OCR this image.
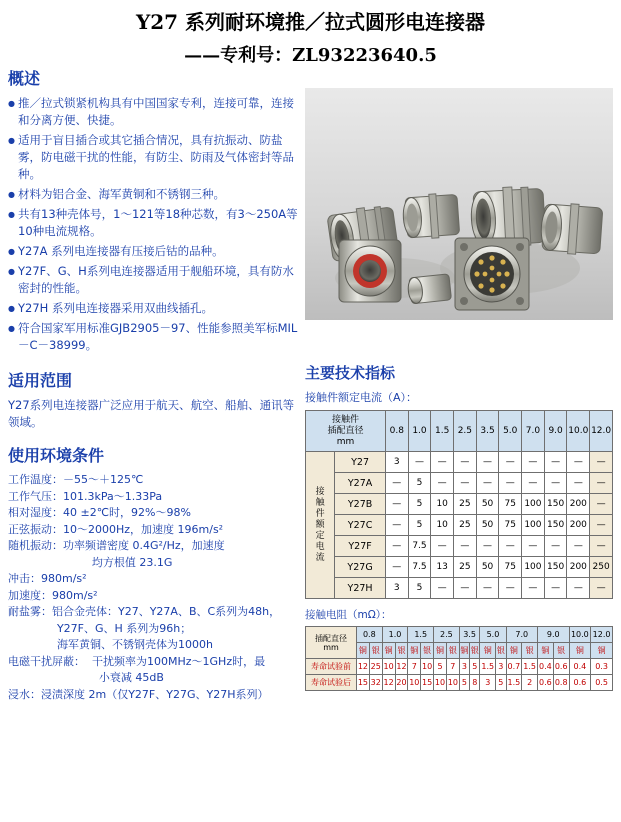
Y27 系列耐环境推／拉式圆形电连接器
——专利号：ZL93223640.5
概述
● 推／拉式锁紧机构具有中国国家专利，连接可靠，连接和分离方便、快捷。
● 适用于盲目插合或其它插合情况，具有抗振动、防盐雾，防电磁干扰的性能，有防尘、防雨及气体密封等品种。
● 材料为铝合金、海军黄铜和不锈钢三种。
● 共有13种壳体号，1～121等18种芯数，有3～250A等10种电流规格。
● Y27A 系列电连接器有压接后钴的品种。
● Y27F、G、H系列电连接器适用于舰船环境，具有防水密封的性能。
● Y27H 系列电连接器采用双曲线插孔。
● 符合国家军用标准GJB2905－97、性能参照美军标MIL－C－38999。
适用范围

Y27系列电连接器广泛应用于航天、航空、船舶、通讯等领域。

使用环境条件
工作温度：－55～＋125℃
工作气压：101.3kPa～1.33Pa
相对湿度：40 ±2℃时，92%～98%
正弦振动：10～2000Hz，加速度 196m/s²
随机振动：功率频谱密度 0.4G²/Hz，加速度
均方根值 23.1G
冲击：980m/s²
加速度：980m/s²
耐盐雾：铝合金壳体：Y27、Y27A、B、C系列为48h，
Y27F、G、H 系列为96h；
海军黄铜、不锈钢壳体为1000h
电磁干扰屏蔽：  干扰频率为100MHz～1GHz时，最
小衰减 45dB
浸水：浸渍深度 2m（仅Y27F、Y27G、Y27H系列）
主要技术指标
接触件额定电流（A）：
接触件
插配直径
mm		0.8	1.0	1.5	2.5	3.5	5.0	7.0	9.0	10.0	12.0

接
触
件
额
定
电
流
	Y27	3	—	—	—	—	—	—	—	—	—
	Y27A	—	5	—	—	—	—	—	—	—	—
	Y27B	—	5	10	25	50	75	100	150	200	—
	Y27C	—	5	10	25	50	75	100	150	200	—
	Y27F	—	7.5	—	—	—	—	—	—	—	—
	Y27G	—	7.5	13	25	50	75	100	150	200	250
	Y27H	3	5	—	—	—	—	—	—	—	—
接触电阻（mΩ）：
插配直径 mm	0.8		1.0		1.5		2.5		3.5		5.0		7.0		9.0		10.0	12.0
	铜	银	铜	银	铜	银	铜	银	铜	银	铜	银	铜	银	铜	银	铜	铜
寿命试验前	12	25	10	12	7	10	5	7	3	5	1.5	3	0.7	1.5	0.4	0.6	0.4	0.3
寿命试验后	15	32	12	20	10	15	10	10	5	8	3	5	1.5	2	0.6	0.8	0.6	0.5
